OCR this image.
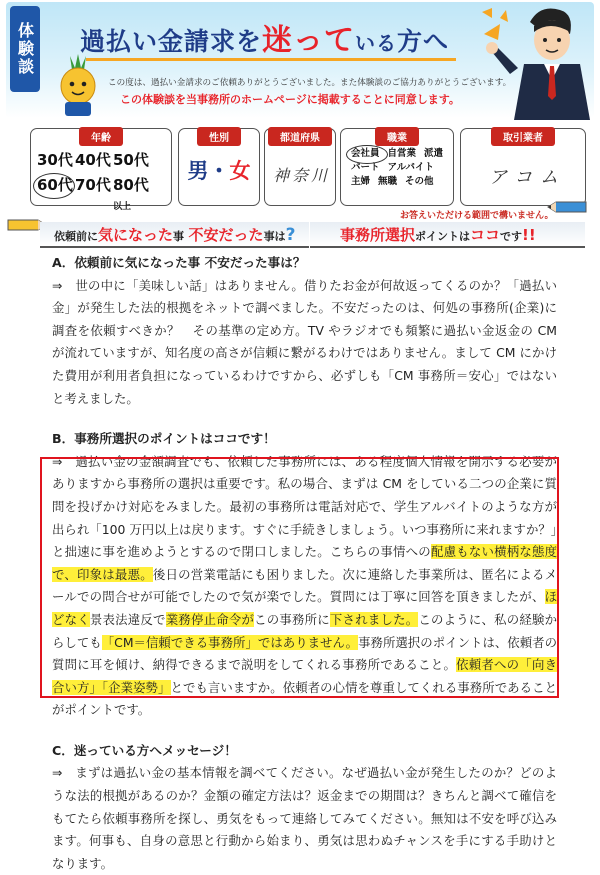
体験談 過払い金請求を迷っている方へ
この度は、過払い金請求のご依頼ありがとうございました。また体験談のご協力ありがとうございます。
この体験談を当事務所のホームページに掲載することに同意します。
年齢
30代 40代 50代
60代 70代 80代以上
性別
男・女
都道府県
神奈川
職業
会社員 自営業 派遣
パート アルバイト
主婦 無職 その他
取引業者
アコム
お答えいただける範囲で構いません。
依頼前に気になった事 不安だった事は?	事務所選択ポイントはココです!!

A．依頼前に気になった事 不安だった事は？

⇒　世の中に「美味しい話」はありません。借りたお金が何故返ってくるのか？「過払い金」が発生した法的根拠をネットで調べました。不安だったのは、何処の事務所(企業)に調査を依頼すべきか？　その基準の定め方。TV やラジオでも頻繁に過払い金返金の CM が流れていますが、知名度の高さが信頼に繋がるわけではありません。まして CM にかけた費用が利用者負担になっているわけですから、必ずしも「CM 事務所＝安心」ではないと考えました。

B．事務所選択のポイントはココです！

⇒　過払い金の金額調査でも、依頼した事務所には、ある程度個人情報を開示する必要がありますから事務所の選択は重要です。私の場合、まずは CM をしている二つの企業に質問を投げかけ対応をみました。最初の事務所は電話対応で、学生アルバイトのような方が出られ「100 万円以上は戻ります。すぐに手続きしましょう。いつ事務所に来れますか？」と拙速に事を進めようとするので閉口しました。こちらの事情への配慮もない横柄な態度で、印象は最悪。後日の営業電話にも困りました。次に連絡した事業所は、匿名によるメールでの問合せが可能でしたので気が楽でした。質問には丁寧に回答を頂きましたが、ほどなく景表法違反で業務停止命令がこの事務所に下されました。このように、私の経験からしても「CM＝信頼できる事務所」ではありません。事務所選択のポイントは、依頼者の質問に耳を傾け、納得できるまで説明をしてくれる事務所であること。依頼者への「向き合い方」「企業姿勢」とでも言いますか。依頼者の心情を尊重してくれる事務所であることがポイントです。

C．迷っている方へメッセージ！

⇒　まずは過払い金の基本情報を調べてください。なぜ過払い金が発生したのか？どのような法的根拠があるのか？金額の確定方法は？返金までの期間は？きちんと調べて確信をもてたら依頼事務所を探し、勇気をもって連絡してみてください。無知は不安を呼び込みます。何事も、自身の意思と行動から始まり、勇気は思わぬチャンスを手にする手助けとなります。
